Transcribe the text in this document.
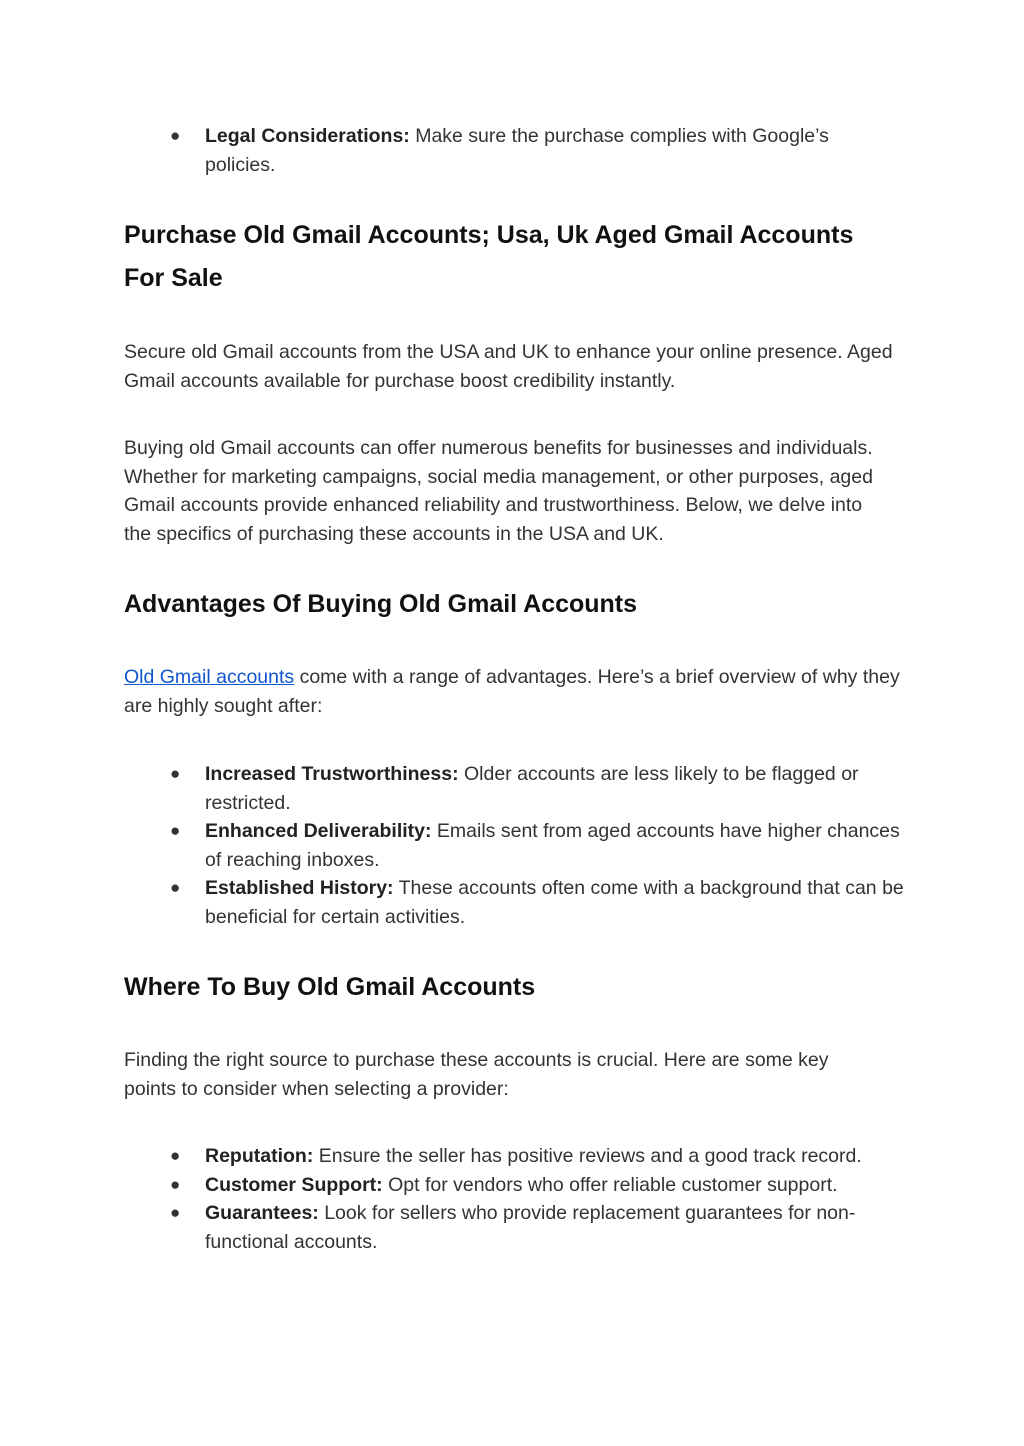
● Legal Considerations: Make sure the purchase complies with Google’s policies.
Purchase Old Gmail Accounts; Usa, Uk Aged Gmail Accounts For Sale

Secure old Gmail accounts from the USA and UK to enhance your online presence. Aged Gmail accounts available for purchase boost credibility instantly.

Buying old Gmail accounts can offer numerous benefits for businesses and individuals. Whether for marketing campaigns, social media management, or other purposes, aged Gmail accounts provide enhanced reliability and trustworthiness. Below, we delve into the specifics of purchasing these accounts in the USA and UK.

Advantages Of Buying Old Gmail Accounts

Old Gmail accounts come with a range of advantages. Here’s a brief overview of why they are highly sought after:

● Increased Trustworthiness: Older accounts are less likely to be flagged or restricted.
● Enhanced Deliverability: Emails sent from aged accounts have higher chances of reaching inboxes.
● Established History: These accounts often come with a background that can be beneficial for certain activities.
Where To Buy Old Gmail Accounts

Finding the right source to purchase these accounts is crucial. Here are some key points to consider when selecting a provider:

● Reputation: Ensure the seller has positive reviews and a good track record.
● Customer Support: Opt for vendors who offer reliable customer support.
● Guarantees: Look for sellers who provide replacement guarantees for non-functional accounts.
